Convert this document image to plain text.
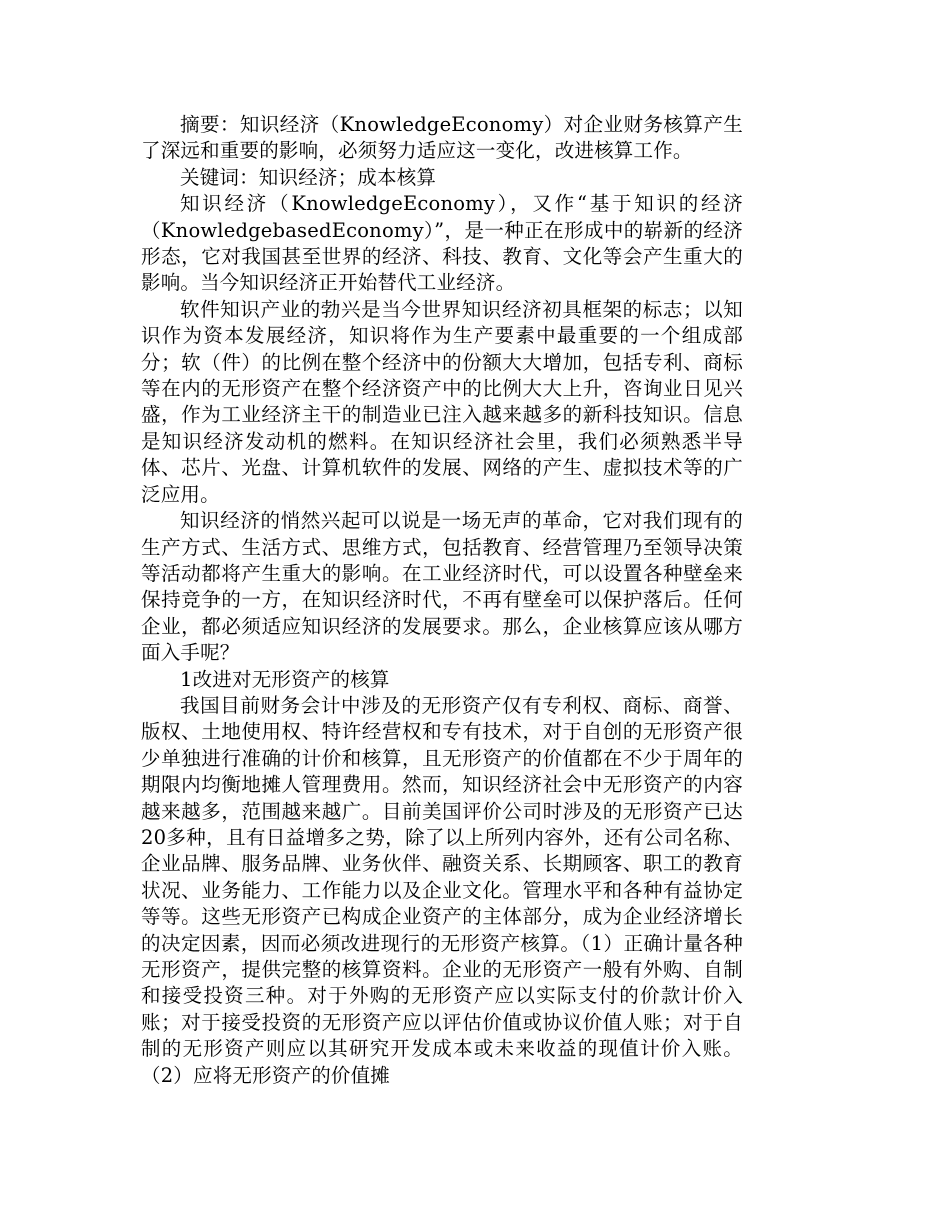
摘要：知识经济（KnowledgeEconomy）对企业财务核算产生了深远和重要的影响，必须努力适应这一变化，改进核算工作。

关键词：知识经济；成本核算

知识经济（KnowledgeEconomy），又作“基于知识的经济（KnowledgebasedEconomy）”，是一种正在形成中的崭新的经济形态，它对我国甚至世界的经济、科技、教育、文化等会产生重大的影响。当今知识经济正开始替代工业经济。

软件知识产业的勃兴是当今世界知识经济初具框架的标志；以知识作为资本发展经济，知识将作为生产要素中最重要的一个组成部分；软（件）的比例在整个经济中的份额大大增加，包括专利、商标等在内的无形资产在整个经济资产中的比例大大上升，咨询业日见兴盛，作为工业经济主干的制造业已注入越来越多的新科技知识。信息是知识经济发动机的燃料。在知识经济社会里，我们必须熟悉半导体、芯片、光盘、计算机软件的发展、网络的产生、虚拟技术等的广泛应用。

知识经济的悄然兴起可以说是一场无声的革命，它对我们现有的生产方式、生活方式、思维方式，包括教育、经营管理乃至领导决策等活动都将产生重大的影响。在工业经济时代，可以设置各种壁垒来保持竞争的一方，在知识经济时代，不再有壁垒可以保护落后。任何企业，都必须适应知识经济的发展要求。那么，企业核算应该从哪方面入手呢？

1改进对无形资产的核算

我国目前财务会计中涉及的无形资产仅有专利权、商标、商誉、版权、土地使用权、特许经营权和专有技术，对于自创的无形资产很少单独进行准确的计价和核算，且无形资产的价值都在不少于周年的期限内均衡地摊人管理费用。然而，知识经济社会中无形资产的内容越来越多，范围越来越广。目前美国评价公司时涉及的无形资产已达20多种，且有日益增多之势，除了以上所列内容外，还有公司名称、企业品牌、服务品牌、业务伙伴、融资关系、长期顾客、职工的教育状况、业务能力、工作能力以及企业文化。管理水平和各种有益协定等等。这些无形资产已构成企业资产的主体部分，成为企业经济增长的决定因素，因而必须改进现行的无形资产核算。（1）正确计量各种无形资产，提供完整的核算资料。企业的无形资产一般有外购、自制和接受投资三种。对于外购的无形资产应以实际支付的价款计价入账；对于接受投资的无形资产应以评估价值或协议价值人账；对于自制的无形资产则应以其研究开发成本或未来收益的现值计价入账。（2）应将无形资产的价值摊
